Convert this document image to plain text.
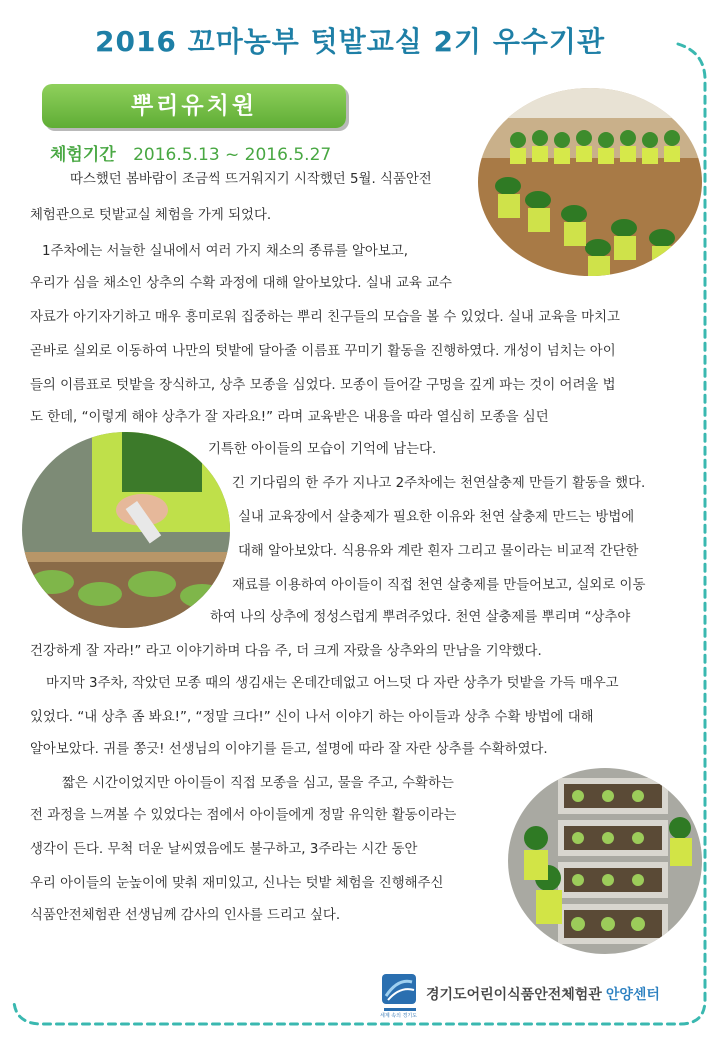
2016 꼬마농부 텃밭교실 2기 우수기관
뿌리유치원
체험기간 2016.5.13 ~ 2016.5.27
따스했던 봄바람이 조금씩 뜨거워지기 시작했던 5월. 식품안전
체험관으로 텃밭교실 체험을 가게 되었다.
1주차에는 서늘한 실내에서 여러 가지 채소의 종류를 알아보고,
우리가 심을 채소인 상추의 수확 과정에 대해 알아보았다. 실내 교육 교수
자료가 아기자기하고 매우 흥미로워 집중하는 뿌리 친구들의 모습을 볼 수 있었다. 실내 교육을 마치고
곧바로 실외로 이동하여 나만의 텃밭에 달아줄 이름표 꾸미기 활동을 진행하였다. 개성이 넘치는 아이
들의 이름표로 텃밭을 장식하고, 상추 모종을 심었다. 모종이 들어갈 구멍을 깊게 파는 것이 어려울 법
도 한데, “이렇게 해야 상추가 잘 자라요!” 라며 교육받은 내용을 따라 열심히 모종을 심던
기특한 아이들의 모습이 기억에 남는다.
긴 기다림의 한 주가 지나고 2주차에는 천연살충제 만들기 활동을 했다.
실내 교육장에서 살충제가 필요한 이유와 천연 살충제 만드는 방법에
대해 알아보았다. 식용유와 계란 흰자 그리고 물이라는 비교적 간단한
재료를 이용하여 아이들이 직접 천연 살충제를 만들어보고, 실외로 이동
하여 나의 상추에 정성스럽게 뿌려주었다. 천연 살충제를 뿌리며 “상추야
건강하게 잘 자라!” 라고 이야기하며 다음 주, 더 크게 자랐을 상추와의 만남을 기약했다.
마지막 3주차, 작았던 모종 때의 생김새는 온데간데없고 어느덧 다 자란 상추가 텃밭을 가득 매우고
있었다. “내 상추 좀 봐요!”, “정말 크다!” 신이 나서 이야기 하는 아이들과 상추 수확 방법에 대해
알아보았다. 귀를 쫑긋! 선생님의 이야기를 듣고, 설명에 따라 잘 자란 상추를 수확하였다.
짧은 시간이었지만 아이들이 직접 모종을 심고, 물을 주고, 수확하는
전 과정을 느껴볼 수 있었다는 점에서 아이들에게 정말 유익한 활동이라는
생각이 든다. 무척 더운 날씨였음에도 불구하고, 3주라는 시간 동안
우리 아이들의 눈높이에 맞춰 재미있고, 신나는 텃밭 체험을 진행해주신
식품안전체험관 선생님께 감사의 인사를 드리고 싶다.
세계 속의 경기도
경기도어린이식품안전체험관 안양센터
